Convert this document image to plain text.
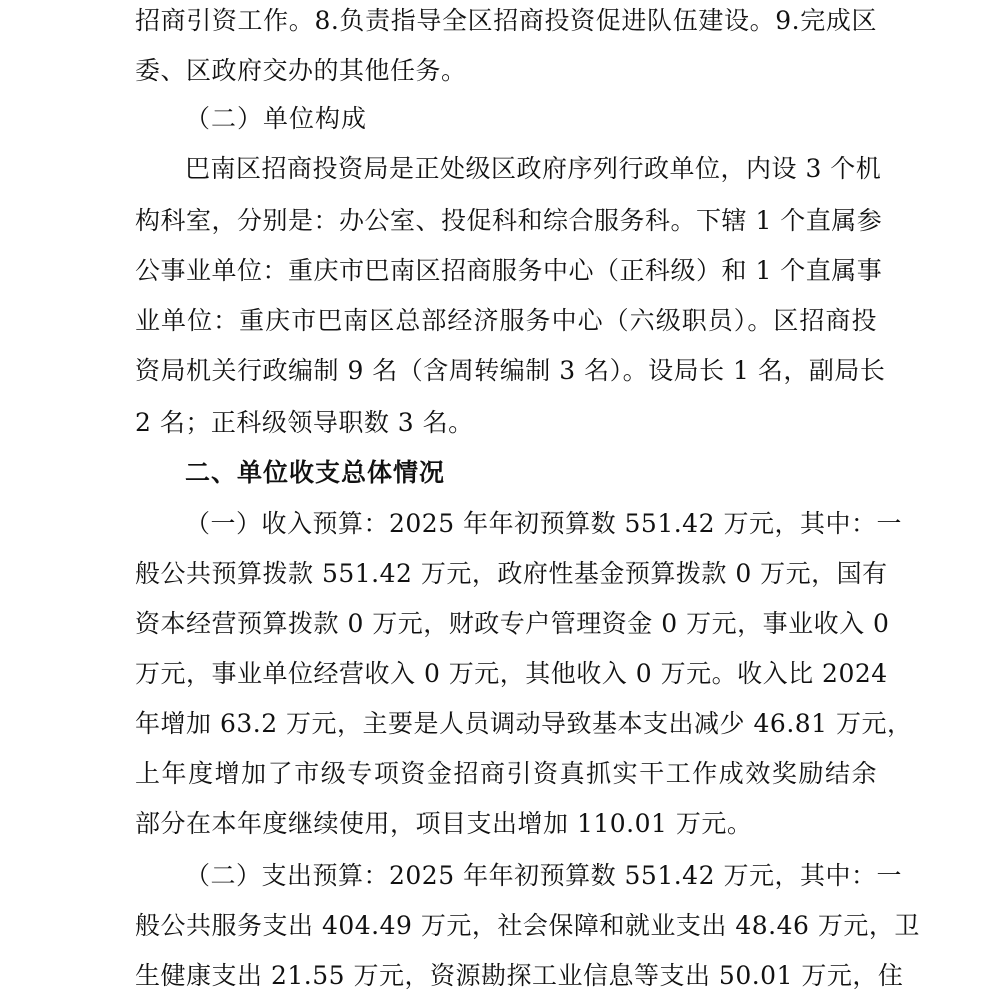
招商引资工作。8.负责指导全区招商投资促进队伍建设。9.完成区
委、区政府交办的其他任务。
（二）单位构成
巴南区招商投资局是正处级区政府序列行政单位，内设 3 个机
构科室，分别是：办公室、投促科和综合服务科。下辖 1 个直属参
公事业单位：重庆市巴南区招商服务中心（正科级）和 1 个直属事
业单位：重庆市巴南区总部经济服务中心（六级职员）。区招商投
资局机关行政编制 9 名（含周转编制 3 名）。设局长 1 名，副局长
2 名；正科级领导职数 3 名。
二、单位收支总体情况
（一）收入预算：2025 年年初预算数 551.42 万元，其中：一
般公共预算拨款 551.42 万元，政府性基金预算拨款 0 万元，国有
资本经营预算拨款 0 万元，财政专户管理资金 0 万元，事业收入 0
万元，事业单位经营收入 0 万元，其他收入 0 万元。收入比 2024
年增加 63.2 万元，主要是人员调动导致基本支出减少 46.81 万元，
上年度增加了市级专项资金招商引资真抓实干工作成效奖励结余
部分在本年度继续使用，项目支出增加 110.01 万元。
（二）支出预算：2025 年年初预算数 551.42 万元，其中：一
般公共服务支出 404.49 万元，社会保障和就业支出 48.46 万元，卫
生健康支出 21.55 万元，资源勘探工业信息等支出 50.01 万元，住
